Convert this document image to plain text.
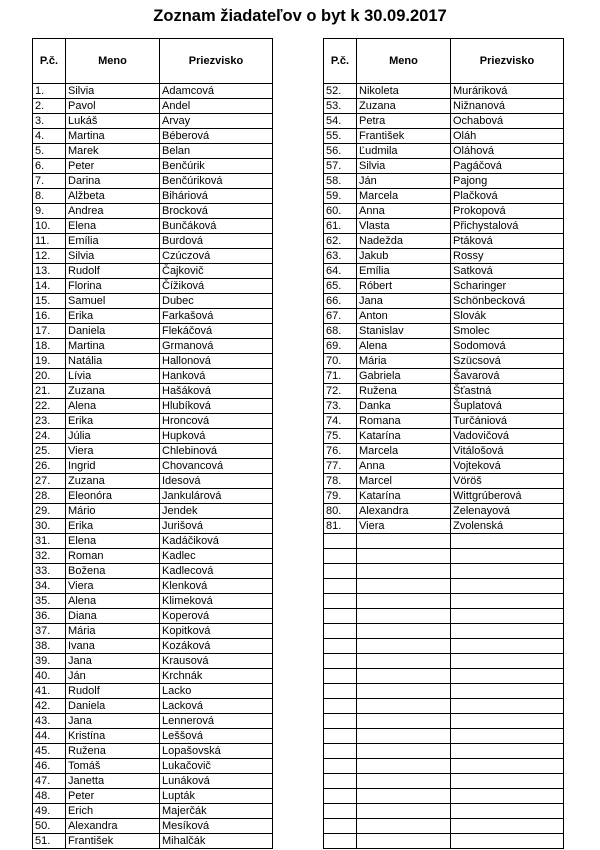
Zoznam žiadateľov o byt k 30.09.2017
P.č.	Meno	Priezvisko
1.	Silvia	Adamcová
2.	Pavol	Andel
3.	Lukáš	Arvay
4.	Martina	Béberová
5.	Marek	Belan
6.	Peter	Benčúrik
7.	Darina	Benčúriková
8.	Alžbeta	Biháriová
9.	Andrea	Brocková
10.	Elena	Bunčáková
11.	Emília	Burdová
12.	Silvia	Czúczová
13.	Rudolf	Čajkovič
14.	Florina	Čížiková
15.	Samuel	Dubec
16.	Erika	Farkašová
17.	Daniela	Flekáčová
18.	Martina	Grmanová
19.	Natália	Hallonová
20.	Lívia	Hanková
21.	Zuzana	Hašáková
22.	Alena	Hlubíková
23.	Erika	Hroncová
24.	Júlia	Hupková
25.	Viera	Chlebinová
26.	Ingrid	Chovancová
27.	Zuzana	Idesová
28.	Eleonóra	Jankulárová
29.	Mário	Jendek
30.	Erika	Jurišová
31.	Elena	Kadáčiková
32.	Roman	Kadlec
33.	Božena	Kadlecová
34.	Viera	Klenková
35.	Alena	Klimeková
36.	Diana	Koperová
37.	Mária	Kopitková
38.	Ivana	Kozáková
39.	Jana	Krausová
40.	Ján	Krchnák
41.	Rudolf	Lacko
42.	Daniela	Lacková
43.	Jana	Lennerová
44.	Kristína	Leššová
45.	Ružena	Lopašovská
46.	Tomáš	Lukačovič
47.	Janetta	Lunáková
48.	Peter	Lupták
49.	Erich	Majerčák
50.	Alexandra	Mesíková
51.	František	Mihalčák
P.č.	Meno	Priezvisko
52.	Nikoleta	Muráriková
53.	Zuzana	Nižnanová
54.	Petra	Ochabová
55.	František	Oláh
56.	Ľudmila	Oláhová
57.	Silvia	Pagáčová
58.	Ján	Pajong
59.	Marcela	Plačková
60.	Anna	Prokopová
61.	Vlasta	Přichystalová
62.	Nadežda	Ptáková
63.	Jakub	Rossy
64.	Emília	Satková
65.	Róbert	Scharinger
66.	Jana	Schönbecková
67.	Anton	Slovák
68.	Stanislav	Smolec
69.	Alena	Sodomová
70.	Mária	Szücsová
71.	Gabriela	Šavarová
72.	Ružena	Šťastná
73.	Danka	Šuplatová
74.	Romana	Turčániová
75.	Katarína	Vadovičová
76.	Marcela	Vitálošová
77.	Anna	Vojteková
78.	Marcel	Vöröš
79.	Katarína	Wittgrúberová
80.	Alexandra	Zelenayová
81.	Viera	Zvolenská
